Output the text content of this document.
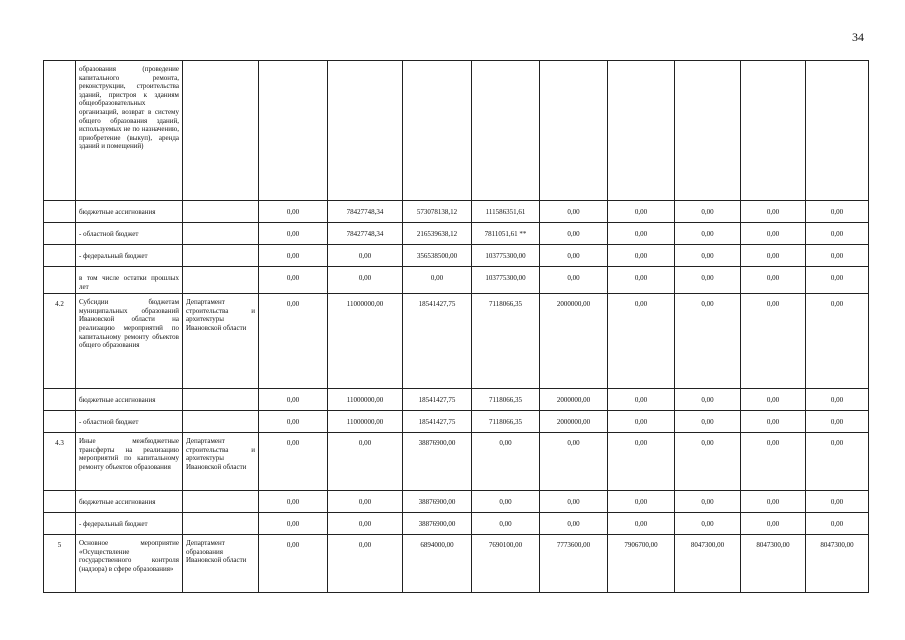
34
	образования (проведение капитального ремонта, реконструкции, строительства зданий, пристроя к зданиям общеобразовательных организаций, возврат в систему общего образования зданий, используемых не по назначению, приобретение (выкуп), аренда зданий и помещений)										
	бюджетные ассигнования		0,00	78427748,34	573078138,12	111586351,61	0,00	0,00	0,00	0,00	0,00
	- областной бюджет		0,00	78427748,34	216539638,12	7811051,61 **	0,00	0,00	0,00	0,00	0,00
	- федеральный бюджет		0,00	0,00	356538500,00	103775300,00	0,00	0,00	0,00	0,00	0,00
	в том числе остатки прошлых лет		0,00	0,00	0,00	103775300,00	0,00	0,00	0,00	0,00	0,00
4.2	Субсидии бюджетам муниципальных образований Ивановской области на реализацию мероприятий по капитальному ремонту объектов общего образования	Департамент строительства и архитектуры Ивановской области	0,00	11000000,00	18541427,75	7118066,35	2000000,00	0,00	0,00	0,00	0,00
	бюджетные ассигнования		0,00	11000000,00	18541427,75	7118066,35	2000000,00	0,00	0,00	0,00	0,00
	- областной бюджет		0,00	11000000,00	18541427,75	7118066,35	2000000,00	0,00	0,00	0,00	0,00
4.3	Иные межбюджетные трансферты на реализацию мероприятий по капитальному ремонту объектов образования	Департамент строительства и архитектуры Ивановской области	0,00	0,00	38876900,00	0,00	0,00	0,00	0,00	0,00	0,00
	бюджетные ассигнования		0,00	0,00	38876900,00	0,00	0,00	0,00	0,00	0,00	0,00
	- федеральный бюджет		0,00	0,00	38876900,00	0,00	0,00	0,00	0,00	0,00	0,00
5	Основное мероприятие «Осуществление государственного контроля (надзора) в сфере образования»	Департамент образования Ивановской области	0,00	0,00	6894000,00	7690100,00	7773600,00	7906700,00	8047300,00	8047300,00	8047300,00
